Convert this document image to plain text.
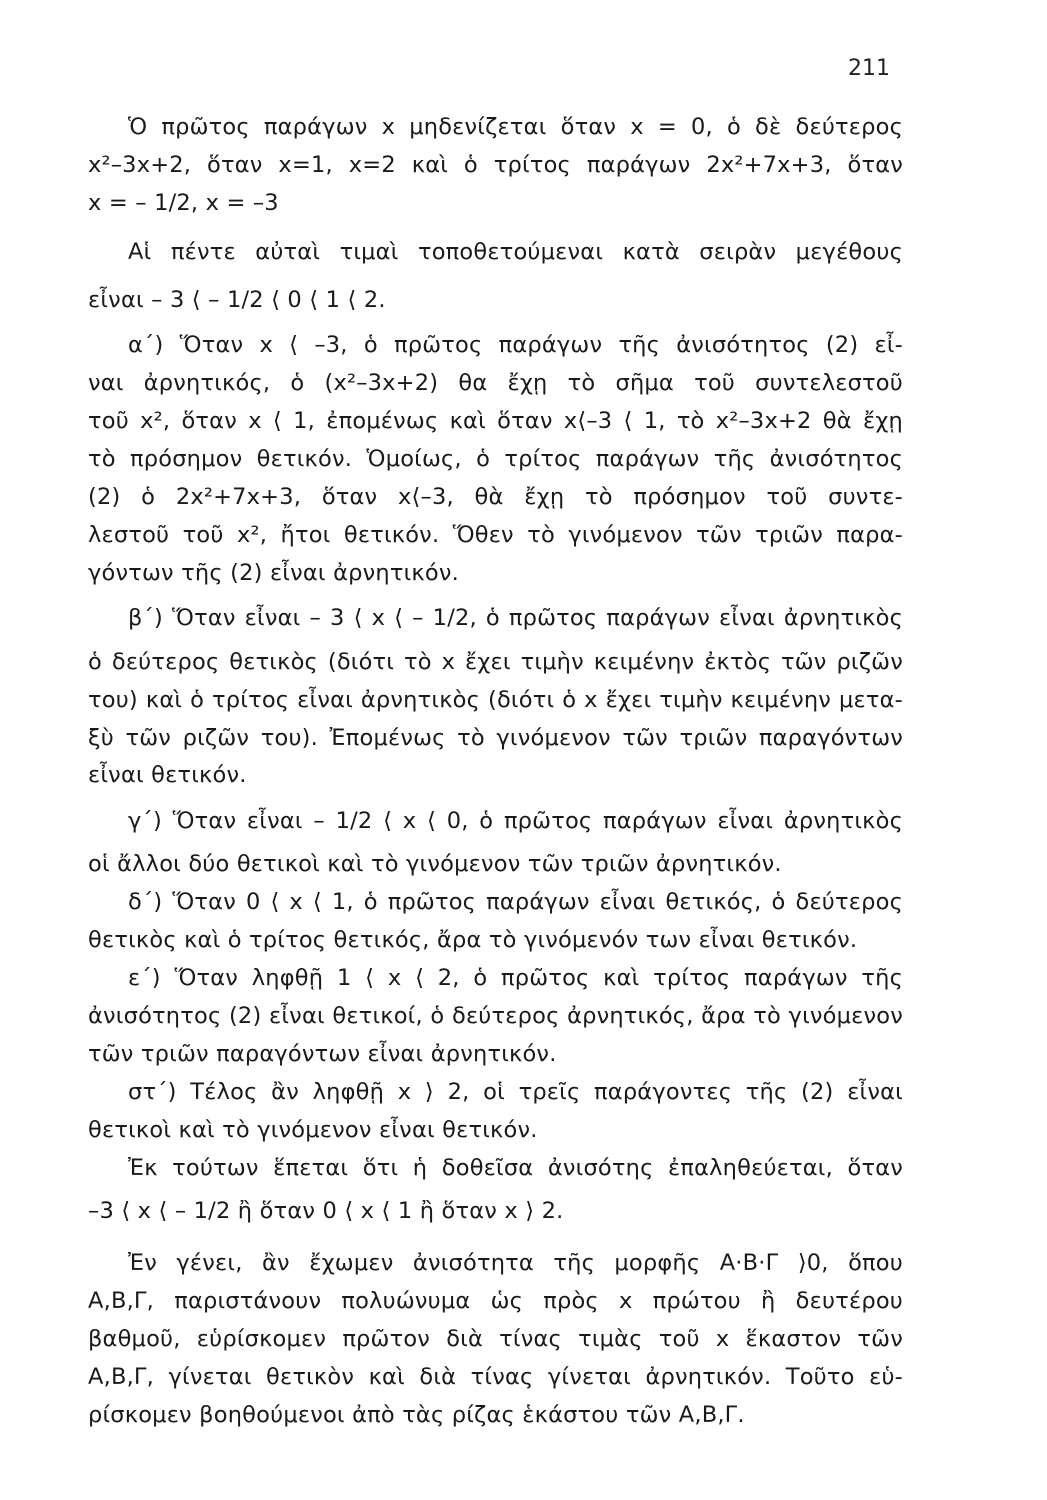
211
Ὁ πρῶτος παράγων x μηδενίζεται ὅταν x = 0, ὁ δὲ δεύτερος
x²–3x+2, ὅταν x=1, x=2 καὶ ὁ τρίτος παράγων 2x²+7x+3, ὅταν
x = – 1/2, x = –3
Αἱ πέντε αὐταὶ τιμαὶ τοποθετούμεναι κατὰ σειρὰν μεγέθους
εἶναι – 3 ⟨ – 1/2 ⟨ 0 ⟨ 1 ⟨ 2.
α΄) Ὅταν x ⟨ –3, ὁ πρῶτος παράγων τῆς ἀνισότητος (2) εἶ-
ναι ἀρνητικός, ὁ (x²–3x+2) θα ἔχῃ τὸ σῆμα τοῦ συντελεστοῦ
τοῦ x², ὅταν x ⟨ 1, ἐπομένως καὶ ὅταν x⟨–3 ⟨ 1, τὸ x²–3x+2 θὰ ἔχῃ
τὸ πρόσημον θετικόν. Ὁμοίως, ὁ τρίτος παράγων τῆς ἀνισότητος
(2) ὁ 2x²+7x+3, ὅταν x⟨–3, θὰ ἔχῃ τὸ πρόσημον τοῦ συντε-
λεστοῦ τοῦ x², ἤτοι θετικόν. Ὅθεν τὸ γινόμενον τῶν τριῶν παρα-
γόντων τῆς (2) εἶναι ἀρνητικόν.
β΄) Ὅταν εἶναι – 3 ⟨ x ⟨ – 1/2, ὁ πρῶτος παράγων εἶναι ἀρνητικὸς
ὁ δεύτερος θετικὸς (διότι τὸ x ἔχει τιμὴν κειμένην ἐκτὸς τῶν ριζῶν
του) καὶ ὁ τρίτος εἶναι ἀρνητικὸς (διότι ὁ x ἔχει τιμὴν κειμένην μετα-
ξὺ τῶν ριζῶν του). Ἐπομένως τὸ γινόμενον τῶν τριῶν παραγόντων
εἶναι θετικόν.
γ΄) Ὅταν εἶναι – 1/2 ⟨ x ⟨ 0, ὁ πρῶτος παράγων εἶναι ἀρνητικὸς
οἱ ἄλλοι δύο θετικοὶ καὶ τὸ γινόμενον τῶν τριῶν ἀρνητικόν.
δ΄) Ὅταν 0 ⟨ x ⟨ 1, ὁ πρῶτος παράγων εἶναι θετικός, ὁ δεύτερος
θετικὸς καὶ ὁ τρίτος θετικός, ἄρα τὸ γινόμενόν των εἶναι θετικόν.
ε΄) Ὅταν ληφθῇ 1 ⟨ x ⟨ 2, ὁ πρῶτος καὶ τρίτος παράγων τῆς
ἀνισότητος (2) εἶναι θετικοί, ὁ δεύτερος ἀρνητικός, ἄρα τὸ γινόμενον
τῶν τριῶν παραγόντων εἶναι ἀρνητικόν.
στ΄) Τέλος ἂν ληφθῇ x ⟩ 2, οἱ τρεῖς παράγοντες τῆς (2) εἶναι
θετικοὶ καὶ τὸ γινόμενον εἶναι θετικόν.
Ἐκ τούτων ἕπεται ὅτι ἡ δοθεῖσα ἀνισότης ἐπαληθεύεται, ὅταν
–3 ⟨ x ⟨ – 1/2 ἢ ὅταν 0 ⟨ x ⟨ 1 ἢ ὅταν x ⟩ 2.
Ἐν γένει, ἂν ἔχωμεν ἀνισότητα τῆς μορφῆς Α·Β·Γ ⟩0, ὅπου
Α,Β,Γ, παριστάνουν πολυώνυμα ὡς πρὸς x πρώτου ἢ δευτέρου
βαθμοῦ, εὑρίσκομεν πρῶτον διὰ τίνας τιμὰς τοῦ x ἕκαστον τῶν
Α,Β,Γ, γίνεται θετικὸν καὶ διὰ τίνας γίνεται ἀρνητικόν. Τοῦτο εὑ-
ρίσκομεν βοηθούμενοι ἀπὸ τὰς ρίζας ἑκάστου τῶν Α,Β,Γ.
